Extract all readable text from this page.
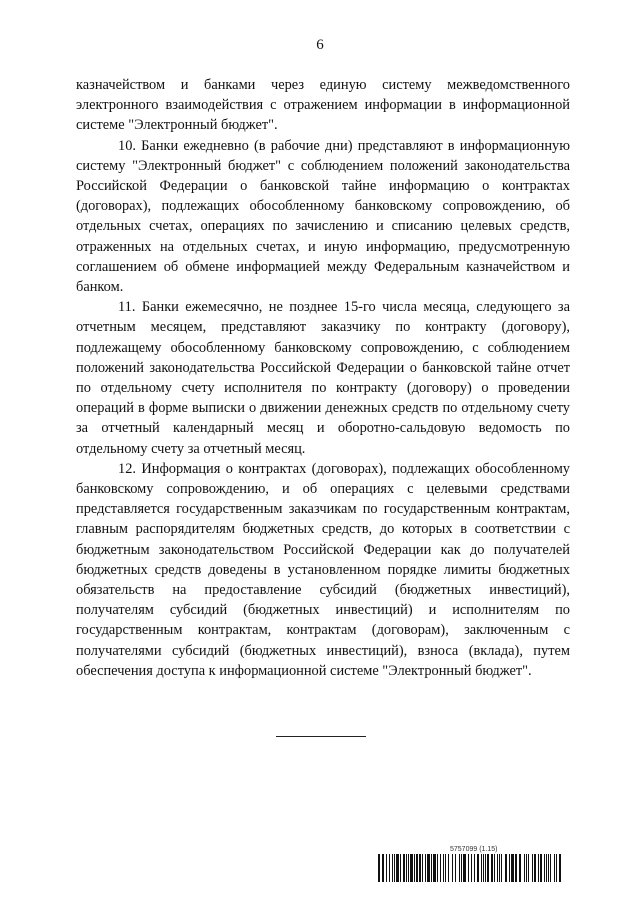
6

казначейством и банками через единую систему межведомственного электронного взаимодействия с отражением информации в информационной системе "Электронный бюджет".

10. Банки ежедневно (в рабочие дни) представляют в информационную систему "Электронный бюджет" с соблюдением положений законодательства Российской Федерации о банковской тайне информацию о контрактах (договорах), подлежащих обособленному банковскому сопровождению, об отдельных счетах, операциях по зачислению и списанию целевых средств, отраженных на отдельных счетах, и иную информацию, предусмотренную соглашением об обмене информацией между Федеральным казначейством и банком.

11. Банки ежемесячно, не позднее 15-го числа месяца, следующего за отчетным месяцем, представляют заказчику по контракту (договору), подлежащему обособленному банковскому сопровождению, с соблюдением положений законодательства Российской Федерации о банковской тайне отчет по отдельному счету исполнителя по контракту (договору) о проведении операций в форме выписки о движении денежных средств по отдельному счету за отчетный календарный месяц и оборотно-сальдовую ведомость по отдельному счету за отчетный месяц.

12. Информация о контрактах (договорах), подлежащих обособленному банковскому сопровождению, и об операциях с целевыми средствами представляется государственным заказчикам по государственным контрактам, главным распорядителям бюджетных средств, до которых в соответствии с бюджетным законодательством Российской Федерации как до получателей бюджетных средств доведены в установленном порядке лимиты бюджетных обязательств на предоставление субсидий (бюджетных инвестиций), получателям субсидий (бюджетных инвестиций) и исполнителям по государственным контрактам, контрактам (договорам), заключенным с получателями субсидий (бюджетных инвестиций), взноса (вклада), путем обеспечения доступа к информационной системе "Электронный бюджет".

5757099 (1.15)
